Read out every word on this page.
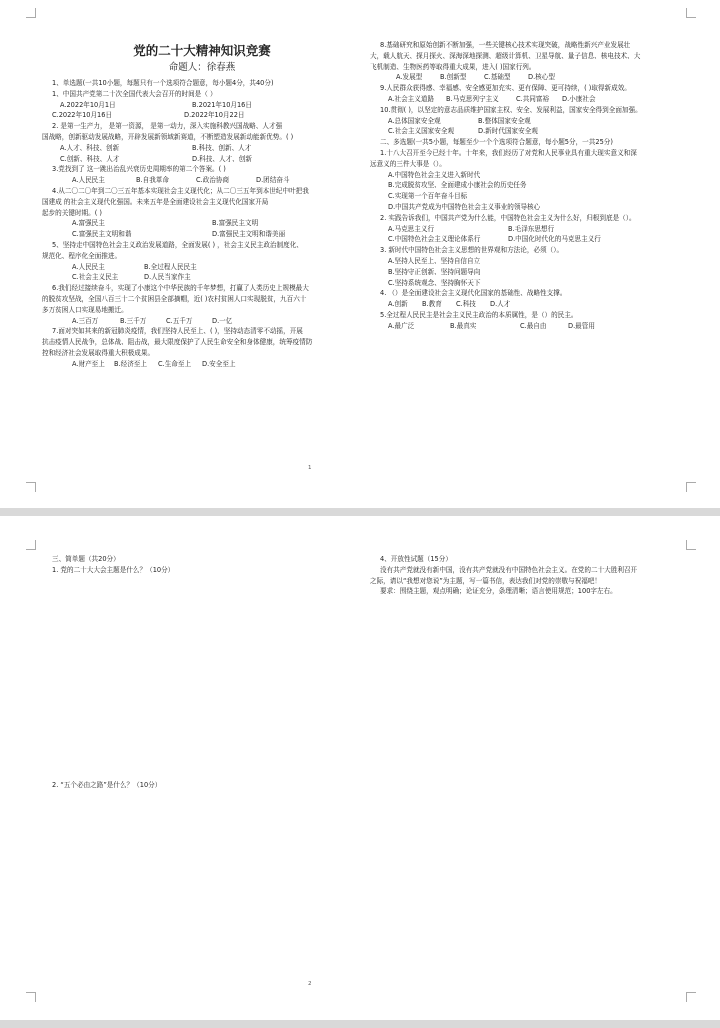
党的二十大精神知识竞赛

命题人：徐春燕

1、单选题(一共10小题，每题只有一个选项符合题意，每小题4分，共40分)

1、中国共产党第二十次全国代表大会召开的时间是（ ）

A.2022年10月1日	B.2021年10月16日
C.2022年10月16日	D.2022年10月22日

2. 是第一生产力， 是第一资源， 是第一动力，深入实施科教兴国战略、人才强

国战略，创新驱动发展战略，开辟发展新领域新赛道，不断塑造发展新动能新优势。( )

A.人才、科技、创新	B.科技、创新、人才
C.创新、科技、人才	D.科技、人才、创新

3.党找到了 这一跳出治乱兴衰历史周期率的第二个答案。( )

A.人民民主	B.自我革命	C.政治协商	D.团结奋斗

4.从二〇二〇年到二〇三五年基本实现社会主义现代化；从二〇三五年到本世纪中叶把我

国建成 的社会主义现代化强国。未来五年是全面建设社会主义现代化国家开局

起步的关键时期。( )

A.富强民主	B.富强民主文明
C.富强民主文明和谐	D.富强民主文明和谐美丽

5、坚持走中国特色社会主义政治发展道路，全面发展( ) ，社会主义民主政治制度化、

规范化、程序化全面推进。

A.人民民主	B.全过程人民民主
C.社会主义民主	D.人民当家作主

6.我们经过接续奋斗，实现了小康这个中华民族的千年梦想，打赢了人类历史上规模最大

的脱贫攻坚战，全国八百三十二个贫困县全部摘帽，近( )农村贫困人口实现脱贫，九百六十

多万贫困人口实现易地搬迁。

A.三百万	B.三千万	C.五千万	D.一亿

7.面对突如其来的新冠肺炎疫情，我们坚持人民至上、( )，坚持动态清零不动摇，开展

抗击疫情人民战争，总体战、阻击战，最大限度保护了人民生命安全和身体健康，统筹疫情防

控和经济社会发展取得重大积极成果。

A.财产至上	B.经济至上	C.生命至上	D.安全至上

8.基础研究和原始创新不断加强，一些关键核心技术实现突破，战略性新兴产业发展壮

大，载人航天、探月探火、深海深地探测、超级计算机、卫星导航、量子信息、核电技术、大

飞机制造、生物医药等取得重大成果，进入( )国家行列。

A.发展型	B.创新型	C.基础型	D.核心型

9.人民群众获得感、幸福感、安全感更加充实、更有保障、更可持续，( )取得新成效。

A.社会主义道路	B.马克思列宁主义	C.共同富裕	D.小康社会

10.贯彻( )，以坚定的意志品质维护国家主权、安全、发展利益，国家安全得到全面加强。

A.总体国家安全观	B.整体国家安全观
C.社会主义国家安全观	D.新时代国家安全观

二、多选题(一共5小题，每题至少一个个选项符合题意，每小题5分，一共25分)

1.十八大召开至今已经十年。十年来，我们经历了对党和人民事业具有重大现实意义和深

远意义的三件大事是（）。

A.中国特色社会主义进入新时代

B.完成脱贫攻坚、全面建成小康社会的历史任务

C.实现第一个百年奋斗目标

D.中国共产党成为中国特色社会主义事业的领导核心

2. 实践告诉我们，中国共产党为什么能，中国特色社会主义为什么好，归根到底是（）。

A.马克思主义行	B.毛泽东思想行
C.中国特色社会主义理论体系行	D.中国化时代化的马克思主义行

3. 新时代中国特色社会主义思想的世界观和方法论，必须（）。

A.坚持人民至上、坚持自信自立

B.坚持守正创新、坚持问题导向

C.坚持系统观念、坚持胸怀天下

4. （）是全面建设社会主义现代化国家的基础性、战略性支撑。

A.创新	B.教育	C.科技	D.人才

5.全过程人民民主是社会主义民主政治的本质属性，是（）的民主。

A.最广泛	B.最真实	C.最自由	D.最管用
1

三、简单题（共20分）

1. 党的二十大大会主题是什么？（10分）

2. “五个必由之路”是什么？（10分）

4、开放性试题（15分）

没有共产党就没有新中国，没有共产党就没有中国特色社会主义。在党的二十大胜利召开

之际，请以“我想对您说”为主题，写一篇书信，表达我们对党的崇敬与祝福吧！

要求：围绕主题，观点明确；论证充分，条理清晰；语言使用规范；100字左右。

2
